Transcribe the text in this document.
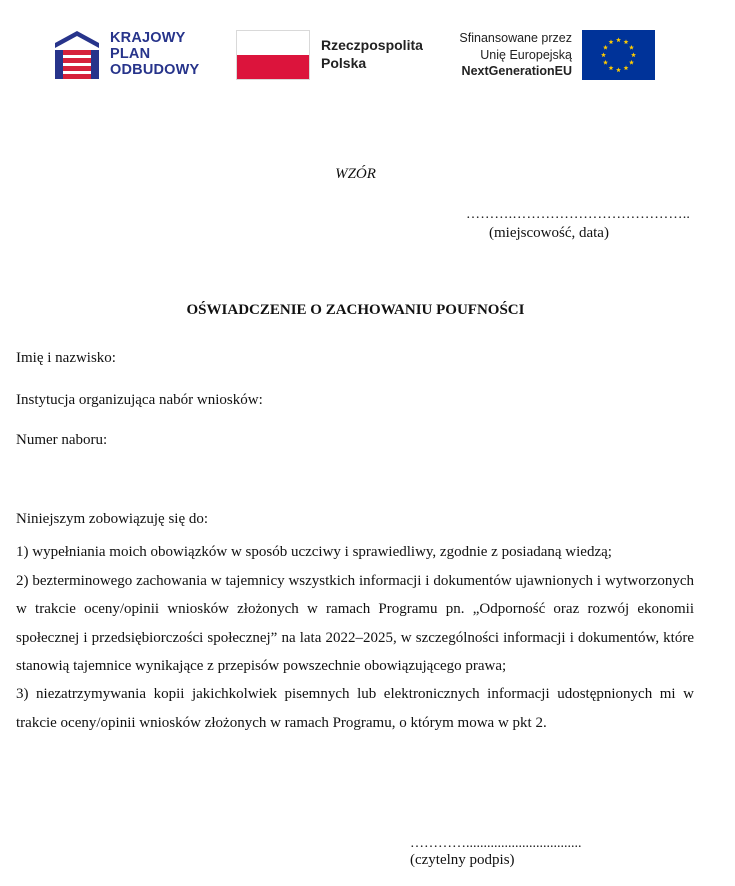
KRAJOWY
PLAN
ODBUDOWY
Rzeczpospolita
Polska
Sfinansowane przez
Unię Europejską
NextGenerationEU
WZÓR
……….………………………………..
(miejscowość, data)
OŚWIADCZENIE O ZACHOWANIU POUFNOŚCI
Imię i nazwisko:
Instytucja organizująca nabór wniosków:
Numer naboru:

Niniejszym zobowiązuję się do:

1) wypełniania moich obowiązków w sposób uczciwy i sprawiedliwy, zgodnie z posiadaną wiedzą;

2) bezterminowego zachowania w tajemnicy wszystkich informacji i dokumentów ujawnionych i wytworzonych w trakcie oceny/opinii wniosków złożonych w ramach Programu pn. „Odporność oraz rozwój ekonomii społecznej i przedsiębiorczości społecznej” na lata 2022–2025, w szczególności informacji i dokumentów, które stanowią tajemnice wynikające z przepisów powszechnie obowiązującego prawa;

3) niezatrzymywania kopii jakichkolwiek pisemnych lub elektronicznych informacji udostępnionych mi w trakcie oceny/opinii wniosków złożonych w ramach Programu, o którym mowa w pkt 2.

………….................................
(czytelny podpis)
